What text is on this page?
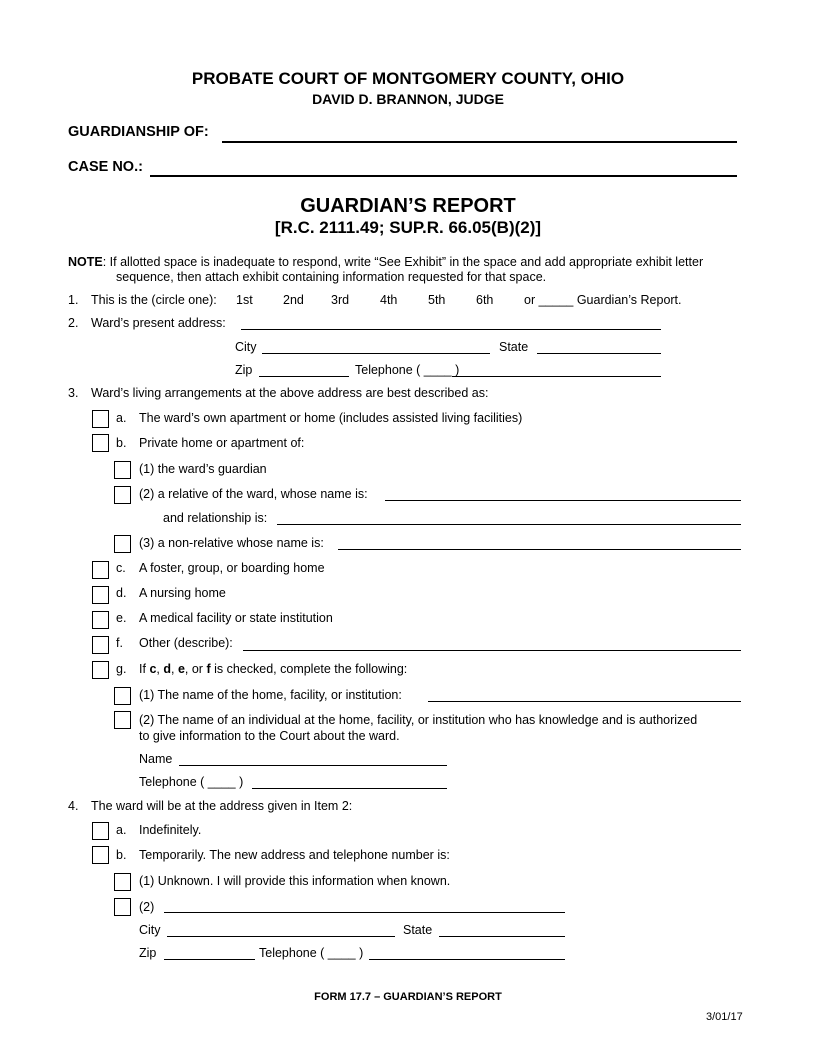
PROBATE COURT OF MONTGOMERY COUNTY, OHIO
DAVID D. BRANNON, JUDGE
GUARDIANSHIP OF:
CASE NO.:
GUARDIAN’S REPORT
[R.C. 2111.49; SUP.R. 66.05(B)(2)]
NOTE: If allotted space is inadequate to respond, write “See Exhibit” in the space and add appropriate exhibit letter
sequence, then attach exhibit containing information requested for that space.
1. This is the (circle one): 1st 2nd 3rd 4th 5th 6th or _____ Guardian’s Report.
2. Ward’s present address:
City	State
Zip	Telephone ( ____ )
3. Ward’s living arrangements at the above address are best described as:
a. The ward’s own apartment or home (includes assisted living facilities)
b. Private home or apartment of:
(1) the ward’s guardian
(2) a relative of the ward, whose name is:
and relationship is:
(3) a non-relative whose name is:
c. A foster, group, or boarding home
d. A nursing home
e. A medical facility or state institution
f. Other (describe):
g. If c, d, e, or f is checked, complete the following:
(1) The name of the home, facility, or institution:
(2) The name of an individual at the home, facility, or institution who has knowledge and is authorized
to give information to the Court about the ward.
Name
Telephone ( ____ )
4. The ward will be at the address given in Item 2:
a. Indefinitely.
b. Temporarily. The new address and telephone number is:
(1) Unknown. I will provide this information when known.
(2)
City	State
Zip	Telephone ( ____ )
FORM 17.7 – GUARDIAN’S REPORT
3/01/17
